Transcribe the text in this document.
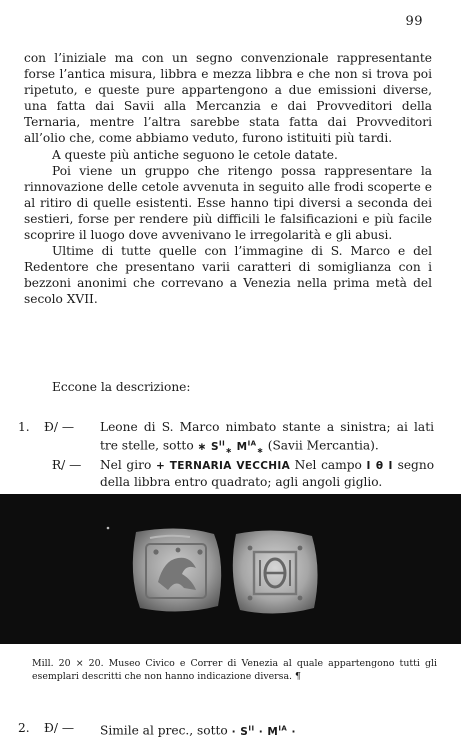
99

con l’iniziale ma con un segno convenzionale rappresentante forse l’antica misura, libbra e mezza libbra e che non si trova poi ripetuto, e queste pure appartengono a due emissioni diverse, una fatta dai Savii alla Mercanzia e dai Provveditori della Ternaria, mentre l’altra sarebbe stata fatta dai Provveditori all’olio che, come abbiamo veduto, furono istituiti più tardi.

A queste più antiche seguono le cetole datate.

Poi viene un gruppo che ritengo possa rappresentare la rinnovazione delle cetole avvenuta in seguito alle frodi scoperte e al ritiro di quelle esistenti. Esse hanno tipi diversi a seconda dei sestieri, forse per rendere più difficili le falsificazioni e più facile scoprire il luogo dove avvenivano le irregolarità e gli abusi.

Ultime di tutte quelle con l’immagine di S. Marco e del Redentore che presentano varii caratteri di somiglianza con i bezzoni anonimi che correvano a Venezia nella prima metà del secolo XVII.

Eccone la descrizione:
1.	Đ/ —	Leone di S. Marco nimbato stante a sinistra; ai lati tre stelle, sotto ∗ $S^{II}_∗$ $M^{IA}_∗$ (Savii Mercantia).
Ɍ/ —	Nel giro + TERNARIA VECCHIA Nel campo I θ I segno della libbra entro quadrato; agli angoli giglio.
Mill. 20 × 20. Museo Civico e Correr di Venezia al quale appartengono tutti gli esemplari descritti che non hanno indicazione diversa. ¶
2.	Đ/ —	Simile al prec., sotto · $S^{II} \cdot M^{IA}$ ·
